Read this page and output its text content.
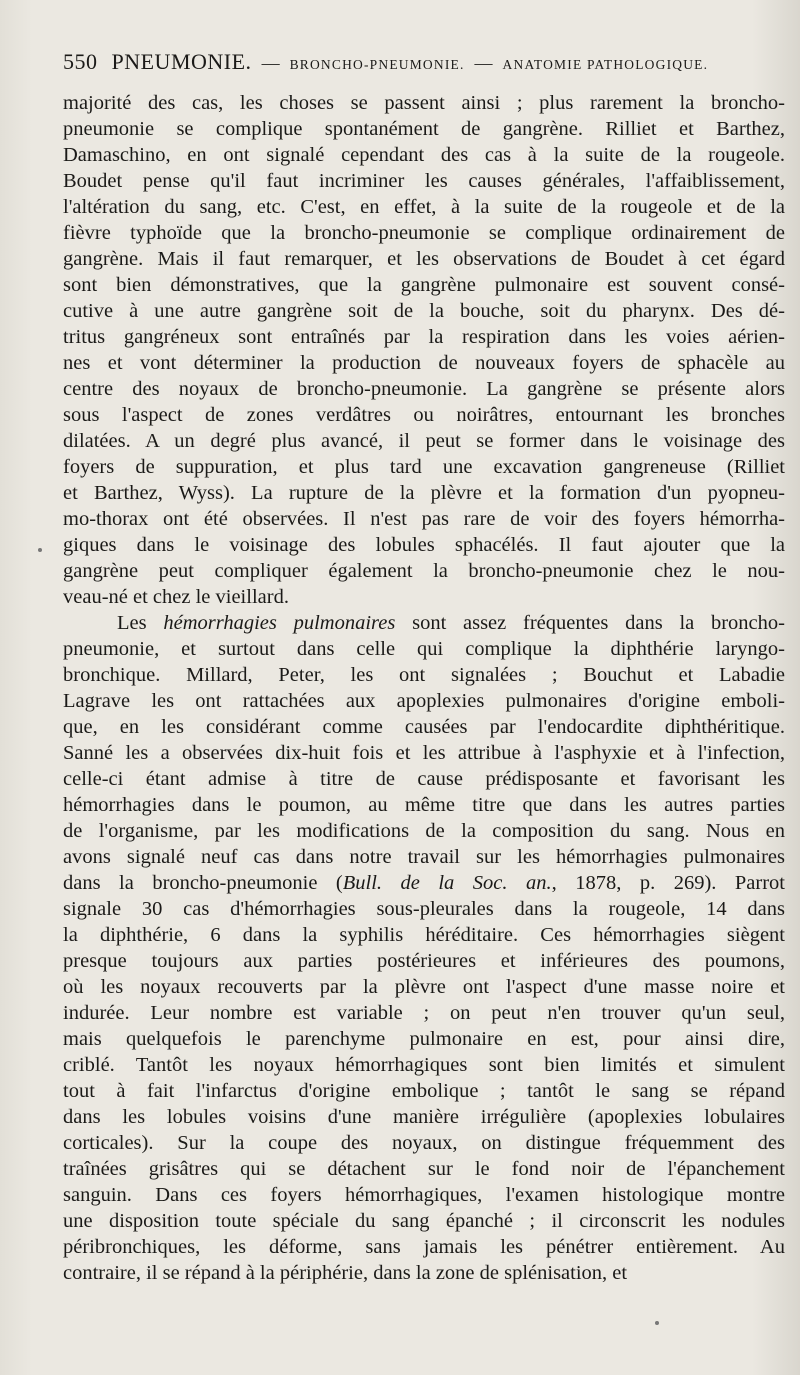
550 PNEUMONIE. — BRONCHO-PNEUMONIE. — ANATOMIE PATHOLOGIQUE.
majorité des cas, les choses se passent ainsi ; plus rarement la broncho-
pneumonie se complique spontanément de gangrène. Rilliet et Barthez,
Damaschino, en ont signalé cependant des cas à la suite de la rougeole.
Boudet pense qu'il faut incriminer les causes générales, l'affaiblissement,
l'altération du sang, etc. C'est, en effet, à la suite de la rougeole et de la
fièvre typhoïde que la broncho-pneumonie se complique ordinairement de
gangrène. Mais il faut remarquer, et les observations de Boudet à cet égard
sont bien démonstratives, que la gangrène pulmonaire est souvent consé-
cutive à une autre gangrène soit de la bouche, soit du pharynx. Des dé-
tritus gangréneux sont entraînés par la respiration dans les voies aérien-
nes et vont déterminer la production de nouveaux foyers de sphacèle au
centre des noyaux de broncho-pneumonie. La gangrène se présente alors
sous l'aspect de zones verdâtres ou noirâtres, entournant les bronches
dilatées. A un degré plus avancé, il peut se former dans le voisinage des
foyers de suppuration, et plus tard une excavation gangreneuse (Rilliet
et Barthez, Wyss). La rupture de la plèvre et la formation d'un pyopneu-
mo-thorax ont été observées. Il n'est pas rare de voir des foyers hémorrha-
giques dans le voisinage des lobules sphacélés. Il faut ajouter que la
gangrène peut compliquer également la broncho-pneumonie chez le nou-
veau-né et chez le vieillard.
Les hémorrhagies pulmonaires sont assez fréquentes dans la broncho-
pneumonie, et surtout dans celle qui complique la diphthérie laryngo-
bronchique. Millard, Peter, les ont signalées ; Bouchut et Labadie
Lagrave les ont rattachées aux apoplexies pulmonaires d'origine emboli-
que, en les considérant comme causées par l'endocardite diphthéritique.
Sanné les a observées dix-huit fois et les attribue à l'asphyxie et à l'infection,
celle-ci étant admise à titre de cause prédisposante et favorisant les
hémorrhagies dans le poumon, au même titre que dans les autres parties
de l'organisme, par les modifications de la composition du sang. Nous en
avons signalé neuf cas dans notre travail sur les hémorrhagies pulmonaires
dans la broncho-pneumonie (Bull. de la Soc. an., 1878, p. 269). Parrot
signale 30 cas d'hémorrhagies sous-pleurales dans la rougeole, 14 dans
la diphthérie, 6 dans la syphilis héréditaire. Ces hémorrhagies siègent
presque toujours aux parties postérieures et inférieures des poumons,
où les noyaux recouverts par la plèvre ont l'aspect d'une masse noire et
indurée. Leur nombre est variable ; on peut n'en trouver qu'un seul,
mais quelquefois le parenchyme pulmonaire en est, pour ainsi dire,
criblé. Tantôt les noyaux hémorrhagiques sont bien limités et simulent
tout à fait l'infarctus d'origine embolique ; tantôt le sang se répand
dans les lobules voisins d'une manière irrégulière (apoplexies lobulaires
corticales). Sur la coupe des noyaux, on distingue fréquemment des
traînées grisâtres qui se détachent sur le fond noir de l'épanchement
sanguin. Dans ces foyers hémorrhagiques, l'examen histologique montre
une disposition toute spéciale du sang épanché ; il circonscrit les nodules
péribronchiques, les déforme, sans jamais les pénétrer entièrement. Au
contraire, il se répand à la périphérie, dans la zone de splénisation, et
